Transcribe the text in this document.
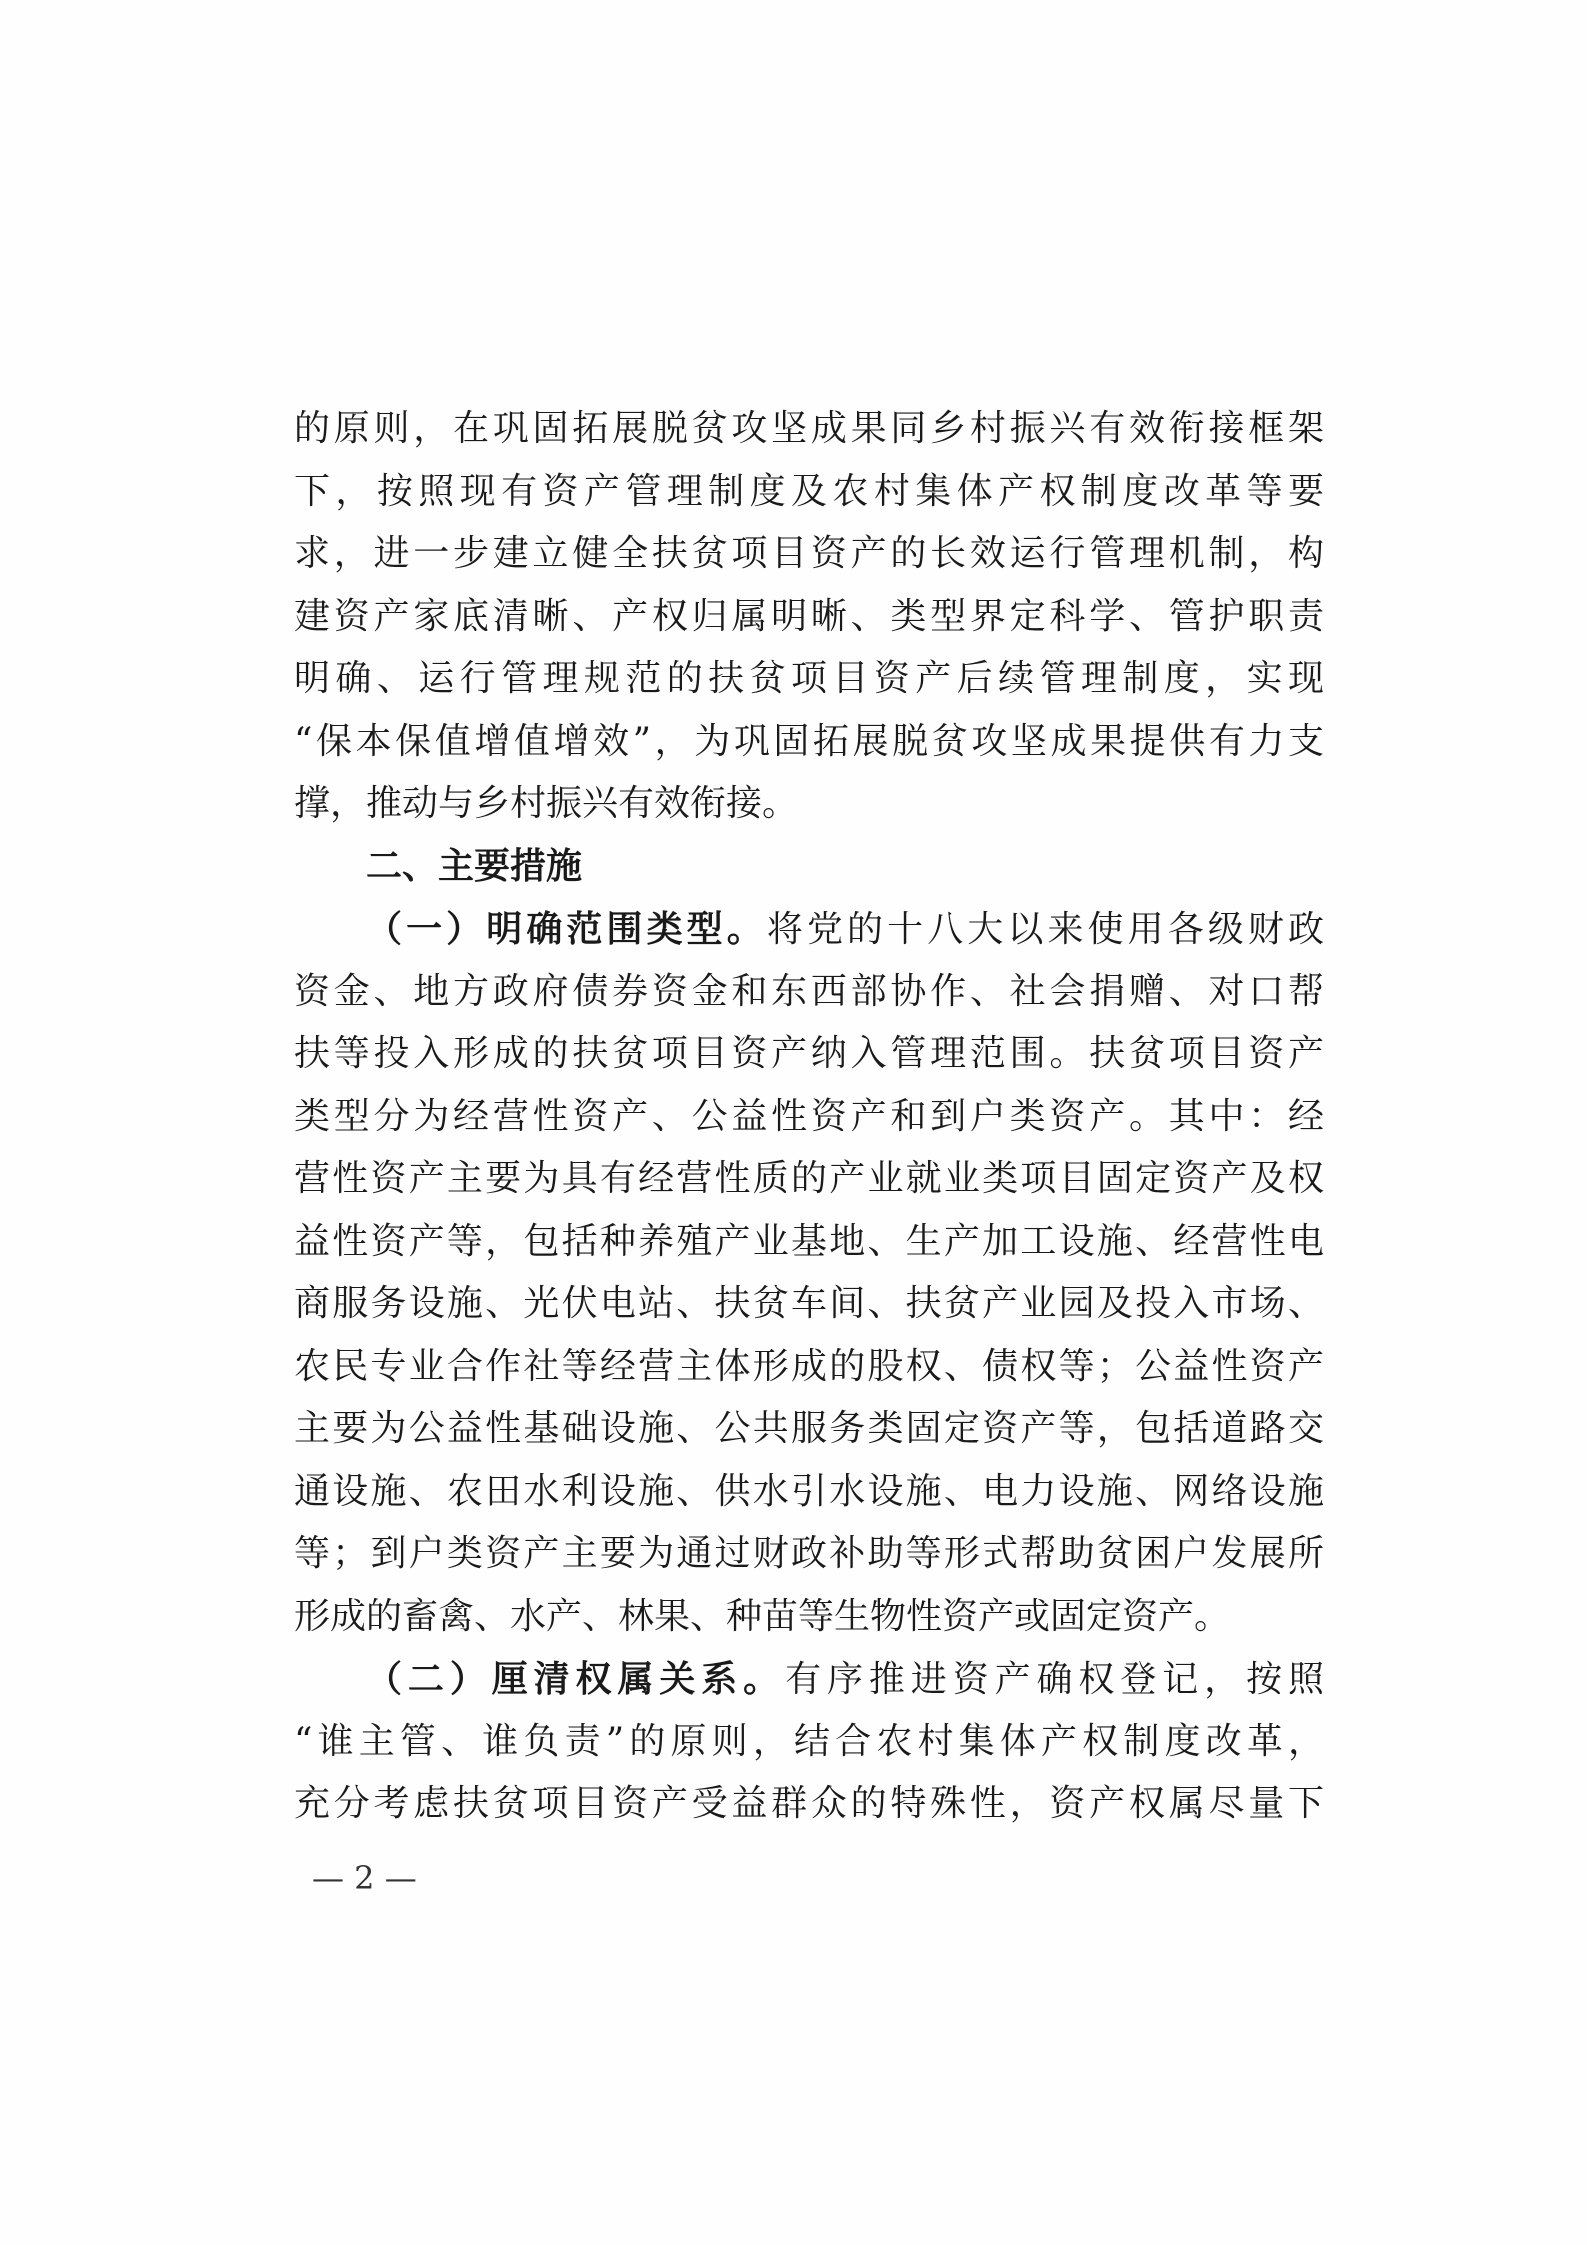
的原则，在巩固拓展脱贫攻坚成果同乡村振兴有效衔接框架
下，按照现有资产管理制度及农村集体产权制度改革等要
求，进一步建立健全扶贫项目资产的长效运行管理机制，构
建资产家底清晰、产权归属明晰、类型界定科学、管护职责
明确、运行管理规范的扶贫项目资产后续管理制度，实现
“保本保值增值增效”，为巩固拓展脱贫攻坚成果提供有力支
撑，推动与乡村振兴有效衔接。
二、主要措施
（一）明确范围类型。将党的十八大以来使用各级财政
资金、地方政府债券资金和东西部协作、社会捐赠、对口帮
扶等投入形成的扶贫项目资产纳入管理范围。扶贫项目资产
类型分为经营性资产、公益性资产和到户类资产。其中：经
营性资产主要为具有经营性质的产业就业类项目固定资产及权
益性资产等，包括种养殖产业基地、生产加工设施、经营性电
商服务设施、光伏电站、扶贫车间、扶贫产业园及投入市场、
农民专业合作社等经营主体形成的股权、债权等；公益性资产
主要为公益性基础设施、公共服务类固定资产等，包括道路交
通设施、农田水利设施、供水引水设施、电力设施、网络设施
等；到户类资产主要为通过财政补助等形式帮助贫困户发展所
形成的畜禽、水产、林果、种苗等生物性资产或固定资产。
（二）厘清权属关系。有序推进资产确权登记，按照
“谁主管、谁负责”的原则，结合农村集体产权制度改革，
充分考虑扶贫项目资产受益群众的特殊性，资产权属尽量下
— 2 —
